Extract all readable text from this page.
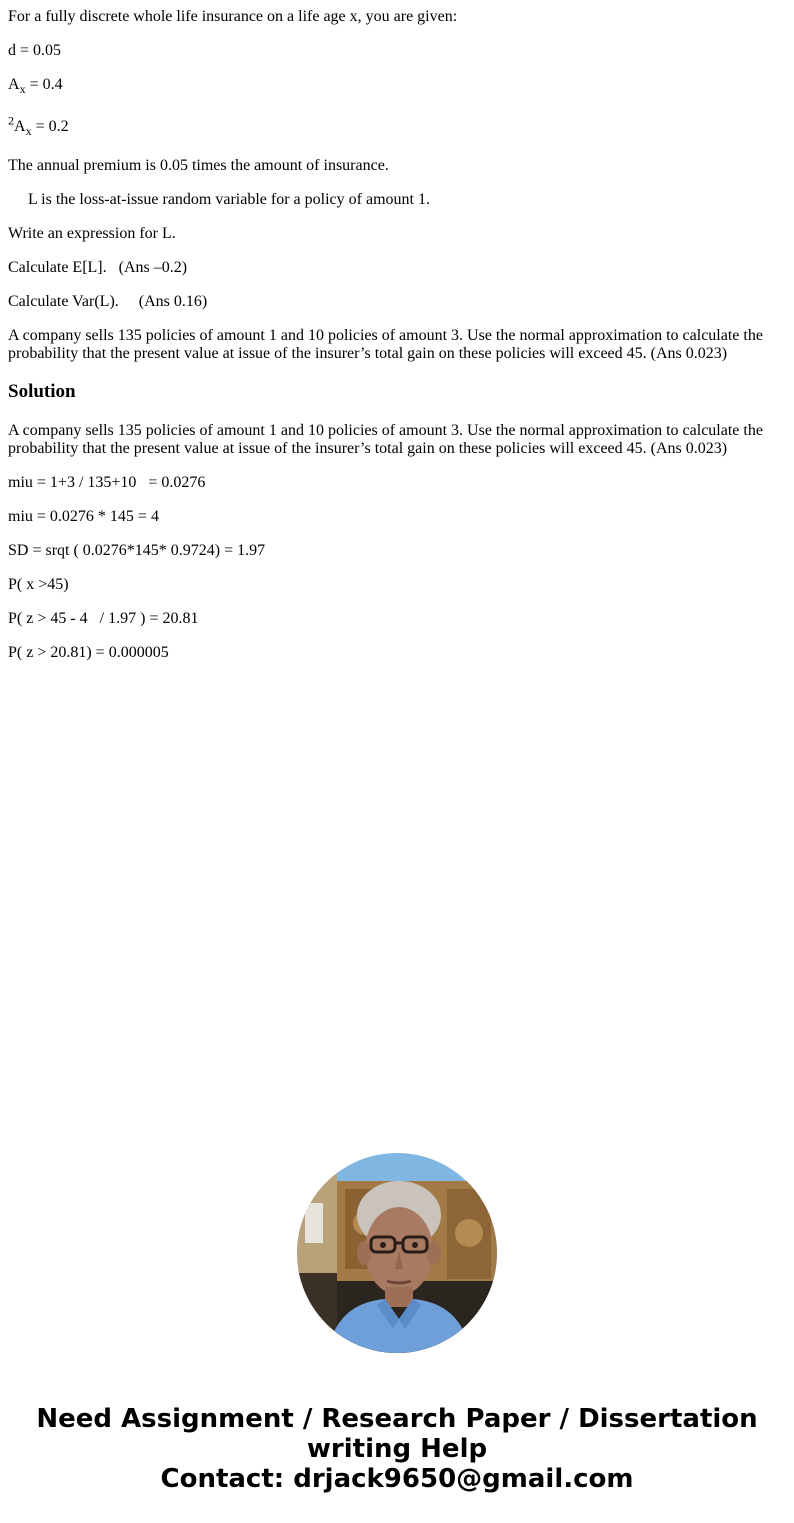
For a fully discrete whole life insurance on a life age x, you are given:

d = 0.05

$A_x = 0.4$

$^2A_x = 0.2$

The annual premium is 0.05 times the amount of insurance.

L is the loss-at-issue random variable for a policy of amount 1.

Write an expression for L.

Calculate E[L].   (Ans –0.2)

Calculate Var(L).     (Ans 0.16)

A company sells 135 policies of amount 1 and 10 policies of amount 3. Use the normal approximation to calculate the probability that the present value at issue of the insurer’s total gain on these policies will exceed 45. (Ans 0.023)

Solution

A company sells 135 policies of amount 1 and 10 policies of amount 3. Use the normal approximation to calculate the probability that the present value at issue of the insurer’s total gain on these policies will exceed 45. (Ans 0.023)

miu = 1+3 / 135+10   = 0.0276

miu = 0.0276 * 145 = 4

SD = srqt ( 0.0276*145* 0.9724) = 1.97

P( x >45)

P( z > 45 - 4   / 1.97 ) = 20.81

P( z > 20.81) = 0.000005

Need Assignment / Research Paper / Dissertation
writing Help
Contact: drjack9650@gmail.com
